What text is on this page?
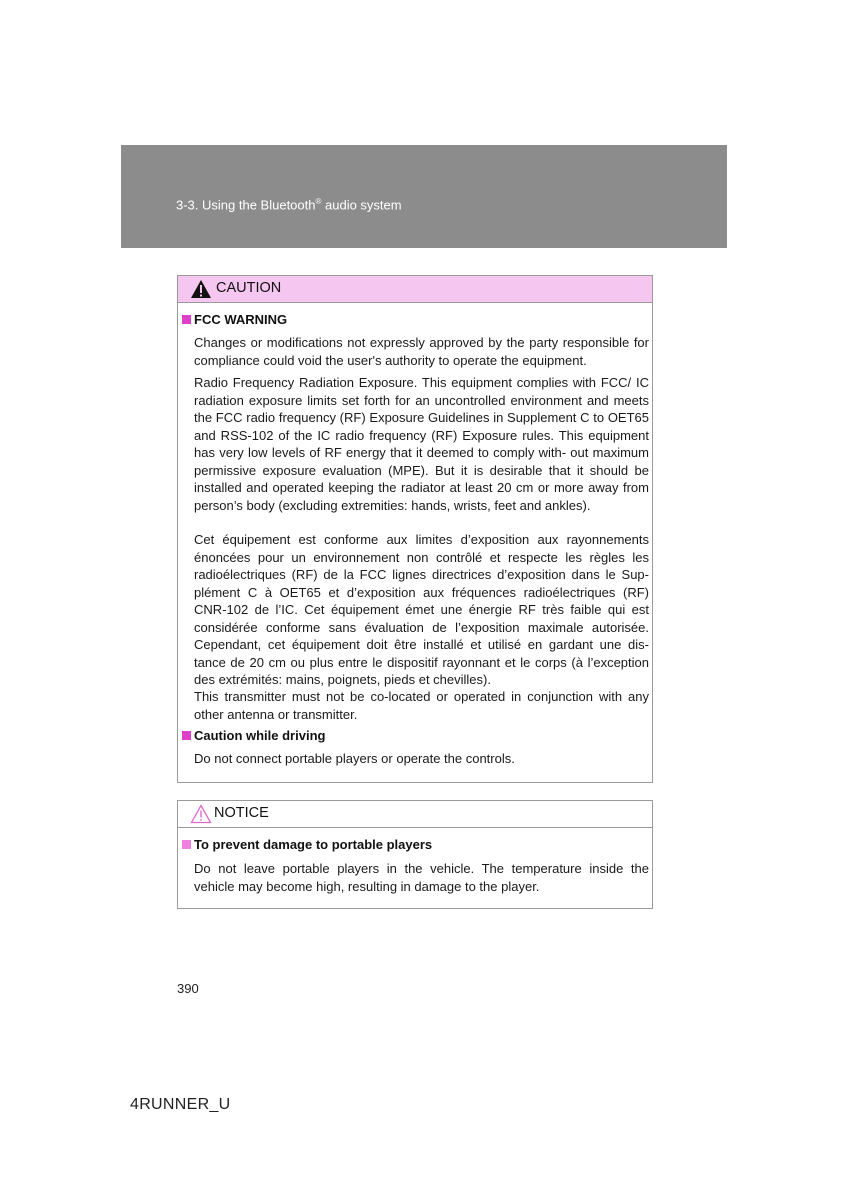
3-3. Using the Bluetooth® audio system
CAUTION
FCC WARNING
Changes or modifications not expressly approved by the party responsible for compliance could void the user's authority to operate the equipment.
Radio Frequency Radiation Exposure. This equipment complies with FCC/ IC radiation exposure limits set forth for an uncontrolled environment and meets the FCC radio frequency (RF) Exposure Guidelines in Supplement C to OET65 and RSS-102 of the IC radio frequency (RF) Exposure rules. This equipment has very low levels of RF energy that it deemed to comply with- out maximum permissive exposure evaluation (MPE). But it is desirable that it should be installed and operated keeping the radiator at least 20 cm or more away from person’s body (excluding extremities: hands, wrists, feet and ankles).
Cet équipement est conforme aux limites d’exposition aux rayonnements énoncées pour un environnement non contrôlé et respecte les règles les radioélectriques (RF) de la FCC lignes directrices d’exposition dans le Sup- plément C à OET65 et d’exposition aux fréquences radioélectriques (RF) CNR-102 de l’IC. Cet équipement émet une énergie RF très faible qui est considérée conforme sans évaluation de l’exposition maximale autorisée. Cependant, cet équipement doit être installé et utilisé en gardant une dis- tance de 20 cm ou plus entre le dispositif rayonnant et le corps (à l’exception des extrémités: mains, poignets, pieds et chevilles).
This transmitter must not be co-located or operated in conjunction with any other antenna or transmitter.
Caution while driving
Do not connect portable players or operate the controls.
NOTICE
To prevent damage to portable players
Do not leave portable players in the vehicle. The temperature inside the vehicle may become high, resulting in damage to the player.
390
4RUNNER_U
